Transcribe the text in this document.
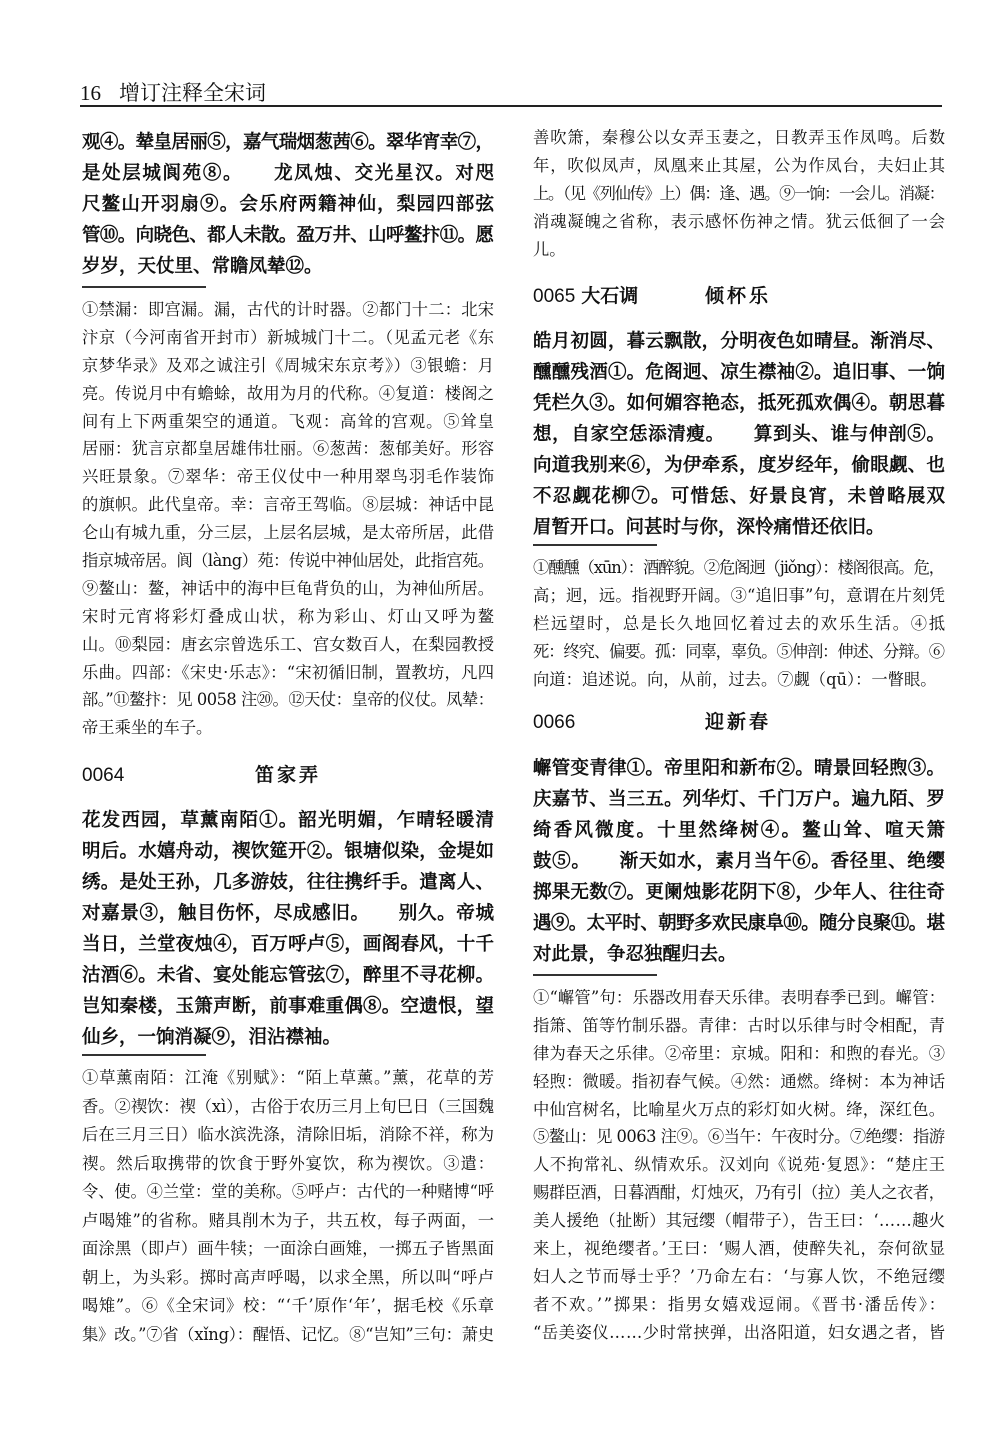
16 增订注释全宋词
观④。辇皇居丽⑤，嘉气瑞烟葱茜⑥。翠华宵幸⑦，
是处层城阆苑⑧。　　龙凤烛、交光星汉。对咫
尺鳌山开羽扇⑨。会乐府两籍神仙，梨园四部弦
管⑩。向晓色、都人未散。盈万井、山呼鳌抃⑪。愿
岁岁，天仗里、常瞻凤辇⑫。
①禁漏：即宫漏。漏，古代的计时器。②都门十二：北宋
汴京（今河南省开封市）新城城门十二。（见孟元老《东
京梦华录》及邓之诚注引《周城宋东京考》）③银蟾：月
亮。传说月中有蟾蜍，故用为月的代称。④复道：楼阁之
间有上下两重架空的通道。飞观：高耸的宫观。⑤耸皇
居丽：犹言京都皇居雄伟壮丽。⑥葱茜：葱郁美好。形容
兴旺景象。⑦翠华：帝王仪仗中一种用翠鸟羽毛作装饰
的旗帜。此代皇帝。幸：言帝王驾临。⑧层城：神话中昆
仑山有城九重，分三层，上层名层城，是太帝所居，此借
指京城帝居。阆（làng）苑：传说中神仙居处，此指宫苑。
⑨鳌山：鳌，神话中的海中巨龟背负的山，为神仙所居。
宋时元宵将彩灯叠成山状，称为彩山、灯山又呼为鳌
山。⑩梨园：唐玄宗曾选乐工、宫女数百人，在梨园教授
乐曲。四部：《宋史·乐志》：“宋初循旧制，置教坊，凡四
部。”⑪鳌抃：见 0058 注⑳。⑫天仗：皇帝的仪仗。凤辇：
帝王乘坐的车子。
0064	笛家弄
花发西园，草薰南陌①。韶光明媚，乍晴轻暖清
明后。水嬉舟动，禊饮筵开②。银塘似染，金堤如
绣。是处王孙，几多游妓，往往携纤手。遣离人、
对嘉景③，触目伤怀，尽成感旧。　　别久。帝城
当日，兰堂夜烛④，百万呼卢⑤，画阁春风，十千
沽酒⑥。未省、宴处能忘管弦⑦，醉里不寻花柳。
岂知秦楼，玉箫声断，前事难重偶⑧。空遗恨，望
仙乡，一饷消凝⑨，泪沾襟袖。
①草薰南陌：江淹《别赋》：“陌上草薰。”薰，花草的芳
香。②禊饮：禊（xì），古俗于农历三月上旬巳日（三国魏
后在三月三日）临水滨洗涤，清除旧垢，消除不祥，称为
禊。然后取携带的饮食于野外宴饮，称为禊饮。③遣：
令、使。④兰堂：堂的美称。⑤呼卢：古代的一种赌博“呼
卢喝雉”的省称。赌具削木为子，共五枚，每子两面，一
面涂黑（即卢）画牛犊；一面涂白画雉，一掷五子皆黑面
朝上，为头彩。掷时高声呼喝，以求全黑，所以叫“呼卢
喝雉”。⑥《全宋词》校：“‘千’原作‘年’，据毛校《乐章
集》改。”⑦省（xǐng）：醒悟、记忆。⑧“岂知”三句：萧史
善吹箫，秦穆公以女弄玉妻之，日教弄玉作凤鸣。后数
年，吹似凤声，凤凰来止其屋，公为作凤台，夫妇止其
上。（见《列仙传》上）偶：逢、遇。⑨一饷：一会儿。消凝：
消魂凝魄之省称，表示感怀伤神之情。犹云低徊了一会
儿。
0065 大石调	倾杯乐
皓月初圆，暮云飘散，分明夜色如晴昼。渐消尽、
醺醺残酒①。危阁迥、凉生襟袖②。追旧事、一饷
凭栏久③。如何媚容艳态，抵死孤欢偶④。朝思暮
想，自家空恁添清瘦。　　算到头、谁与伸剖⑤。
向道我别来⑥，为伊牵系，度岁经年，偷眼觑、也
不忍觑花柳⑦。可惜恁、好景良宵，未曾略展双
眉暂开口。问甚时与你，深怜痛惜还依旧。
①醺醺（xūn）：酒醉貌。②危阁迥（jiǒng）：楼阁很高。危，
高；迥，远。指视野开阔。③“追旧事”句，意谓在片刻凭
栏远望时，总是长久地回忆着过去的欢乐生活。④抵
死：终究、偏要。孤：同辜，辜负。⑤伸剖：伸述、分辩。⑥
向道：追述说。向，从前，过去。⑦觑（qū）：一瞥眼。
0066	迎新春
嶰管变青律①。帝里阳和新布②。晴景回轻煦③。
庆嘉节、当三五。列华灯、千门万户。遍九陌、罗
绮香风微度。十里然绛树④。鳌山耸、喧天箫
鼓⑤。　　渐天如水，素月当午⑥。香径里、绝缨
掷果无数⑦。更阑烛影花阴下⑧，少年人、往往奇
遇⑨。太平时、朝野多欢民康阜⑩。随分良聚⑪。堪
对此景，争忍独醒归去。
①“嶰管”句：乐器改用春天乐律。表明春季已到。嶰管：
指箫、笛等竹制乐器。青律：古时以乐律与时令相配，青
律为春天之乐律。②帝里：京城。阳和：和煦的春光。③
轻煦：微暖。指初春气候。④然：通燃。绛树：本为神话
中仙宫树名，比喻星火万点的彩灯如火树。绛，深红色。
⑤鳌山：见 0063 注⑨。⑥当午：午夜时分。⑦绝缨：指游
人不拘常礼、纵情欢乐。汉刘向《说苑·复恩》：“楚庄王
赐群臣酒，日暮酒酣，灯烛灭，乃有引（拉）美人之衣者，
美人援绝（扯断）其冠缨（帽带子），告王曰：‘……趣火
来上，视绝缨者。’王曰：‘赐人酒，使醉失礼，奈何欲显
妇人之节而辱士乎？’乃命左右：‘与寡人饮，不绝冠缨
者不欢。’”掷果：指男女嬉戏逗闹。《晋书·潘岳传》：
“岳美姿仪……少时常挟弹，出洛阳道，妇女遇之者，皆
